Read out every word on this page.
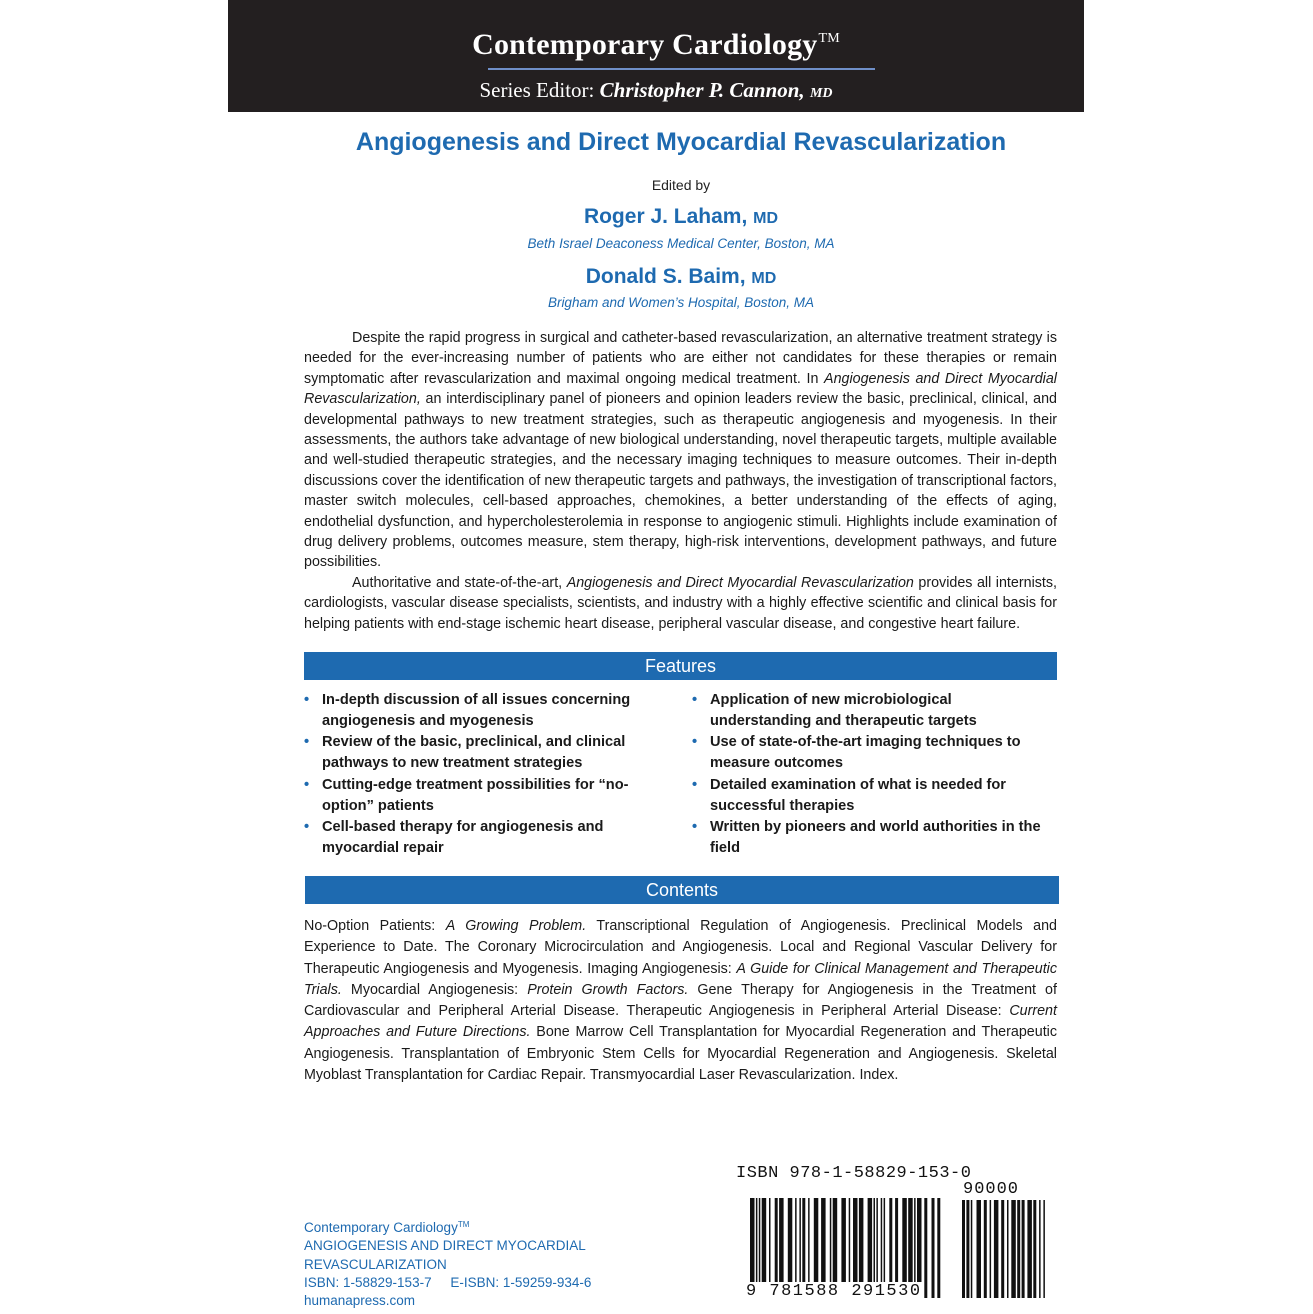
Contemporary Cardiology™
Series Editor: Christopher P. Cannon, MD
Angiogenesis and Direct Myocardial Revascularization
Edited by
Roger J. Laham, MD
Beth Israel Deaconess Medical Center, Boston, MA
Donald S. Baim, MD
Brigham and Women’s Hospital, Boston, MA

Despite the rapid progress in surgical and catheter-based revascularization, an alternative treatment strategy is needed for the ever-increasing number of patients who are either not candidates for these therapies or remain symptomatic after revascularization and maximal ongoing medical treatment. In Angiogenesis and Direct Myocardial Revascularization, an interdisciplinary panel of pioneers and opinion leaders review the basic, preclinical, clinical, and developmental pathways to new treatment strategies, such as therapeutic angiogenesis and myogenesis. In their assessments, the authors take advantage of new biological understanding, novel therapeutic targets, multiple available and well-studied therapeutic strategies, and the necessary imaging techniques to measure outcomes. Their in-depth discussions cover the identification of new therapeutic targets and pathways, the investigation of transcriptional factors, master switch molecules, cell-based approaches, chemokines, a better understanding of the effects of aging, endothelial dysfunction, and hypercholesterolemia in response to angiogenic stimuli. Highlights include examination of drug delivery problems, outcomes measure, stem therapy, high-risk interventions, development pathways, and future possibilities.

Authoritative and state-of-the-art, Angiogenesis and Direct Myocardial Revascularization provides all internists, cardiologists, vascular disease specialists, scientists, and industry with a highly effective scientific and clinical basis for helping patients with end-stage ischemic heart disease, peripheral vascular disease, and congestive heart failure.

Features
• In-depth discussion of all issues concerning angiogenesis and myogenesis
• Review of the basic, preclinical, and clinical pathways to new treatment strategies
• Cutting-edge treatment possibilities for “no-option” patients
• Cell-based therapy for angiogenesis and myocardial repair
• Application of new microbiological understanding and therapeutic targets
• Use of state-of-the-art imaging techniques to measure outcomes
• Detailed examination of what is needed for successful therapies
• Written by pioneers and world authorities in the field
Contents
No-Option Patients: A Growing Problem. Transcriptional Regulation of Angiogenesis. Preclinical Models and Experience to Date. The Coronary Microcirculation and Angiogenesis. Local and Regional Vascular Delivery for Therapeutic Angiogenesis and Myogenesis. Imaging Angiogenesis: A Guide for Clinical Management and Therapeutic Trials. Myocardial Angiogenesis: Protein Growth Factors. Gene Therapy for Angiogenesis in the Treatment of Cardiovascular and Peripheral Arterial Disease. Therapeutic Angiogenesis in Peripheral Arterial Disease: Current Approaches and Future Directions. Bone Marrow Cell Transplantation for Myocardial Regeneration and Therapeutic Angiogenesis. Transplantation of Embryonic Stem Cells for Myocardial Regeneration and Angiogenesis. Skeletal Myoblast Transplantation for Cardiac Repair. Transmyocardial Laser Revascularization. Index.
ISBN 978-1-58829-153-0
90000
9 781588 291530
Contemporary Cardiology™
ANGIOGENESIS AND DIRECT MYOCARDIAL
REVASCULARIZATION
ISBN: 1-58829-153-7     E-ISBN: 1-59259-934-6
humanapress.com
